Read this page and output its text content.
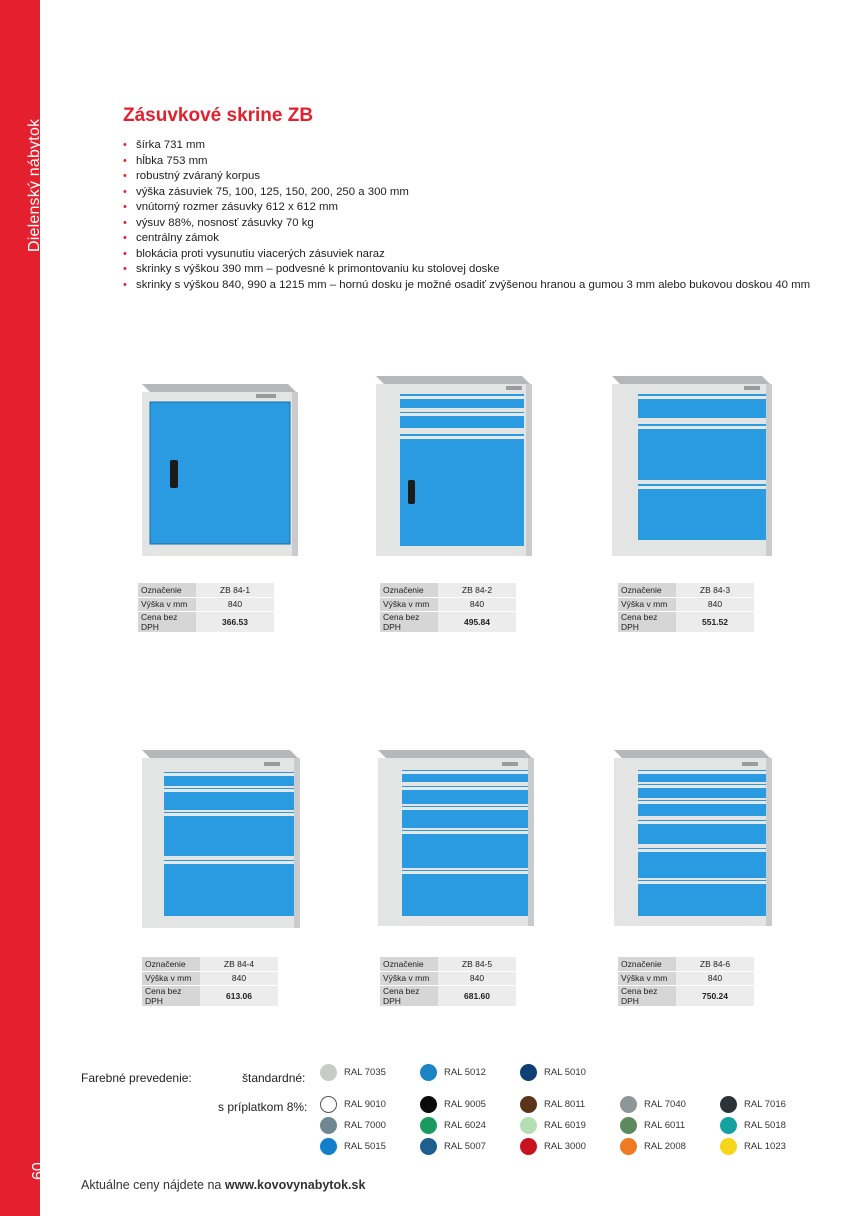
Dielenský nábytok
60
Zásuvkové skrine ZB
• šírka 731 mm
• hĺbka 753 mm
• robustný zváraný korpus
• výška zásuviek 75, 100, 125, 150, 200, 250 a 300 mm
• vnútorný rozmer zásuvky 612 x 612 mm
• výsuv 88%, nosnosť zásuvky 70 kg
• centrálny zámok
• blokácia proti vysunutiu viacerých zásuviek naraz
• skrinky s výškou 390 mm – podvesné k primontovaniu ku stolovej doske
• skrinky s výškou 840, 990 a 1215 mm – hornú dosku je možné osadiť zvýšenou hranou a gumou 3 mm alebo bukovou doskou 40 mm
Označenie	ZB 84-1
Výška v mm	840
Cena bez DPH	366.53
Označenie	ZB 84-2
Výška v mm	840
Cena bez DPH	495.84
Označenie	ZB 84-3
Výška v mm	840
Cena bez DPH	551.52
Označenie	ZB 84-4
Výška v mm	840
Cena bez DPH	613.06
Označenie	ZB 84-5
Výška v mm	840
Cena bez DPH	681.60
Označenie	ZB 84-6
Výška v mm	840
Cena bez DPH	750.24
Farebné prevedenie:	štandardné:
s príplatkom 8%:
RAL 7035	RAL 5012	RAL 5010
RAL 9010	RAL 9005	RAL 8011	RAL 7040	RAL 7016
RAL 7000	RAL 6024	RAL 6019	RAL 6011	RAL 5018
RAL 5015	RAL 5007	RAL 3000	RAL 2008	RAL 1023
Aktuálne ceny nájdete na www.kovovynabytok.sk
